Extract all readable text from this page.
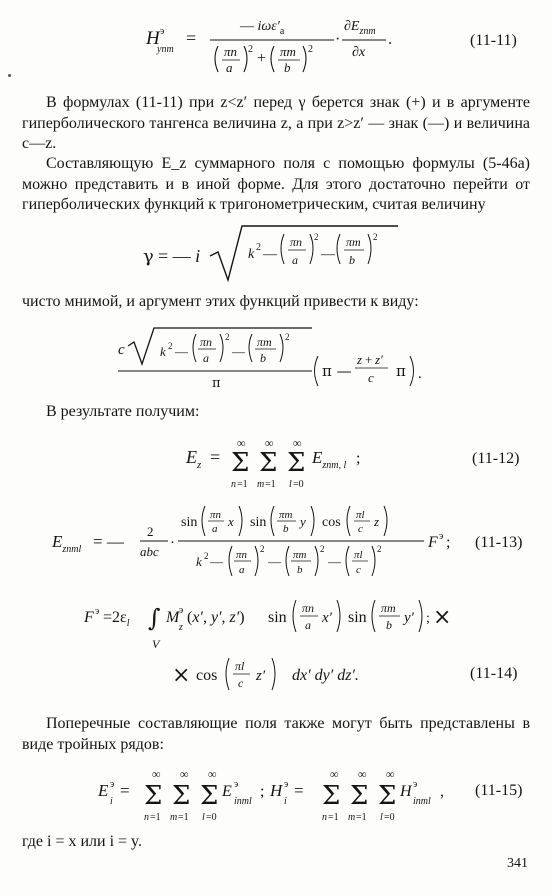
H э
ynm
=
— $i\omega\varepsilon'_a$
πn
a
2
+ πm
b
2
·
$\partial E_{znm}$
∂x
.	(11-11)

В формулах (11-11) при z<z′ перед γ берется знак (+) и в аргументе гиперболического тангенса величина z, а при z>z′ — знак (—) и величина c—z.

Составляющую E_z суммарного поля с помощью формулы (5-46а) можно представить и в иной форме. Для этого достаточно перейти от гиперболических функций к тригонометрическим, считая величину

γ = — i	k 2 —
πn
a
2
—
πm
b
2

чисто мнимой, и аргумент этих функций привести к виду:

c	k 2 —
πn
a
2
—
πm
b
2
π
π —
z + z′
c π .

В результате получим:

$E_z$ =
∞
Σ
n =1
∞
Σ
m =1
∞
Σ
l =0
$E_{znm, l}$ ;	(11-12)
$E_{znml}$ = —
2
abc
·
sin πn
a x sin πm
b y cos πl
c z
k 2 — πn
a
2
— πm
b
2
— πl
c
2	F э ; (11-13)
F $э =2\varepsilon_l$ ∫
V
M э
z
(x′, y′, z′) sin
πn
a x′ sin
πm
b y′ ; ×
× cos
πl
c z′ dx′ dy′ dz′.	(11-14)

Поперечные составляющие поля также могут быть представлены в виде тройных рядов:

E э
i
=
∞
Σ
n =1
∞
Σ
m =1
∞
Σ
l =0
E э
inml
; H э
i
=
∞
Σ
n =1
∞
Σ
m =1
∞
Σ
l =0
H э
inml
, (11-15)

где i = x или i = y.

341
